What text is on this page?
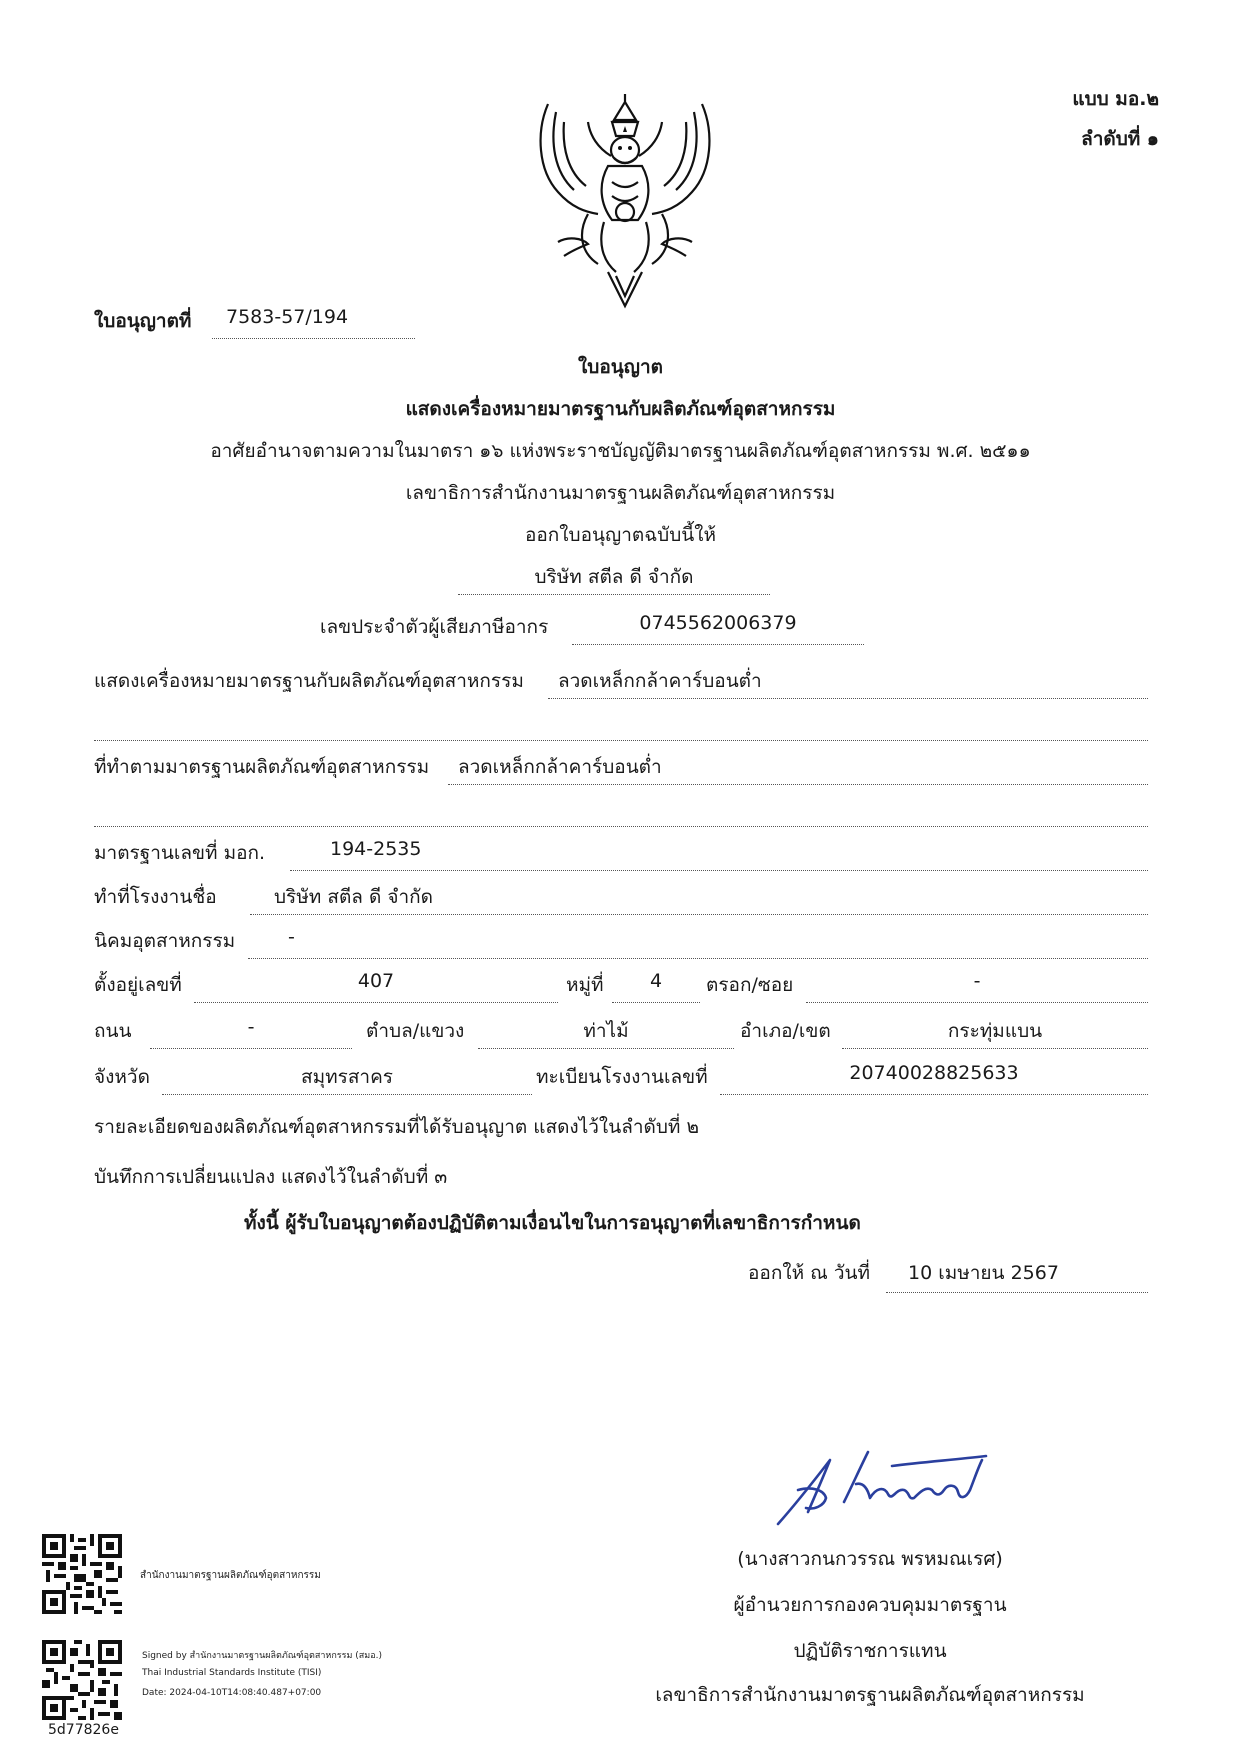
แบบ มอ.๒
ลำดับที่ ๑
ใบอนุญาตที่	7583-57/194
ใบอนุญาต
แสดงเครื่องหมายมาตรฐานกับผลิตภัณฑ์อุตสาหกรรม
อาศัยอำนาจตามความในมาตรา ๑๖ แห่งพระราชบัญญัติมาตรฐานผลิตภัณฑ์อุตสาหกรรม พ.ศ. ๒๕๑๑
เลขาธิการสำนักงานมาตรฐานผลิตภัณฑ์อุตสาหกรรม
ออกใบอนุญาตฉบับนี้ให้
บริษัท สตีล ดี จำกัด
เลขประจำตัวผู้เสียภาษีอากร	0745562006379
แสดงเครื่องหมายมาตรฐานกับผลิตภัณฑ์อุตสาหกรรม	ลวดเหล็กกล้าคาร์บอนต่ำ
ที่ทำตามมาตรฐานผลิตภัณฑ์อุตสาหกรรม	ลวดเหล็กกล้าคาร์บอนต่ำ
มาตรฐานเลขที่ มอก.	194-2535
ทำที่โรงงานชื่อ	บริษัท สตีล ดี จำกัด
นิคมอุตสาหกรรม	-
ตั้งอยู่เลขที่	407	หมู่ที่	4	ตรอก/ซอย	-
ถนน	-	ตำบล/แขวง	ท่าไม้	อำเภอ/เขต	กระทุ่มแบน
จังหวัด	สมุทรสาคร	ทะเบียนโรงงานเลขที่	20740028825633
รายละเอียดของผลิตภัณฑ์อุตสาหกรรมที่ได้รับอนุญาต แสดงไว้ในลำดับที่ ๒
บันทึกการเปลี่ยนแปลง แสดงไว้ในลำดับที่ ๓
ทั้งนี้ ผู้รับใบอนุญาตต้องปฏิบัติตามเงื่อนไขในการอนุญาตที่เลขาธิการกำหนด
ออกให้ ณ วันที่	10 เมษายน 2567
(นางสาวกนกวรรณ พรหมณเรศ)
ผู้อำนวยการกองควบคุมมาตรฐาน
ปฏิบัติราชการแทน
เลขาธิการสำนักงานมาตรฐานผลิตภัณฑ์อุตสาหกรรม
สำนักงานมาตรฐานผลิตภัณฑ์อุตสาหกรรม
Signed by สำนักงานมาตรฐานผลิตภัณฑ์อุตสาหกรรม (สมอ.)
Thai Industrial Standards Institute (TISI)
Date: 2024-04-10T14:08:40.487+07:00
5d77826e
